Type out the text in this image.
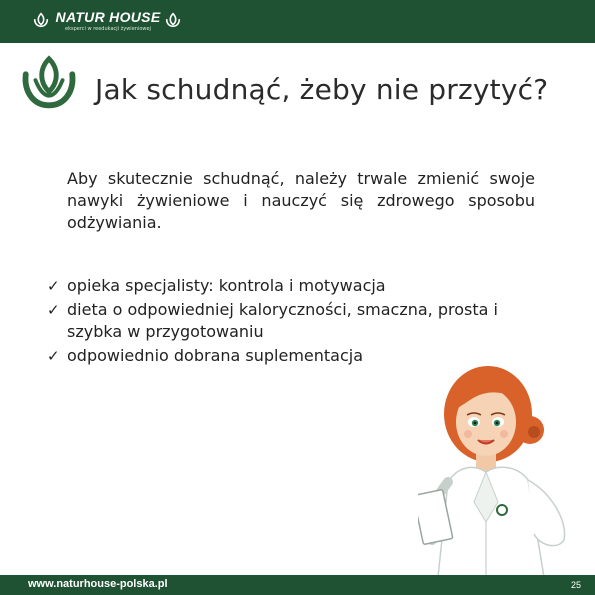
NATUR HOUSE
eksperci w reedukacji żywieniowej
Jak schudnąć, żeby nie przytyć?
Aby skutecznie schudnąć, należy trwale zmienić swoje nawyki żywieniowe i nauczyć się zdrowego sposobu odżywiania.
✓ opieka specjalisty: kontrola i motywacja
✓ dieta o odpowiedniej kaloryczności, smaczna, prosta i szybka w przygotowaniu
✓ odpowiednio dobrana suplementacja
www.naturhouse-polska.pl	25
